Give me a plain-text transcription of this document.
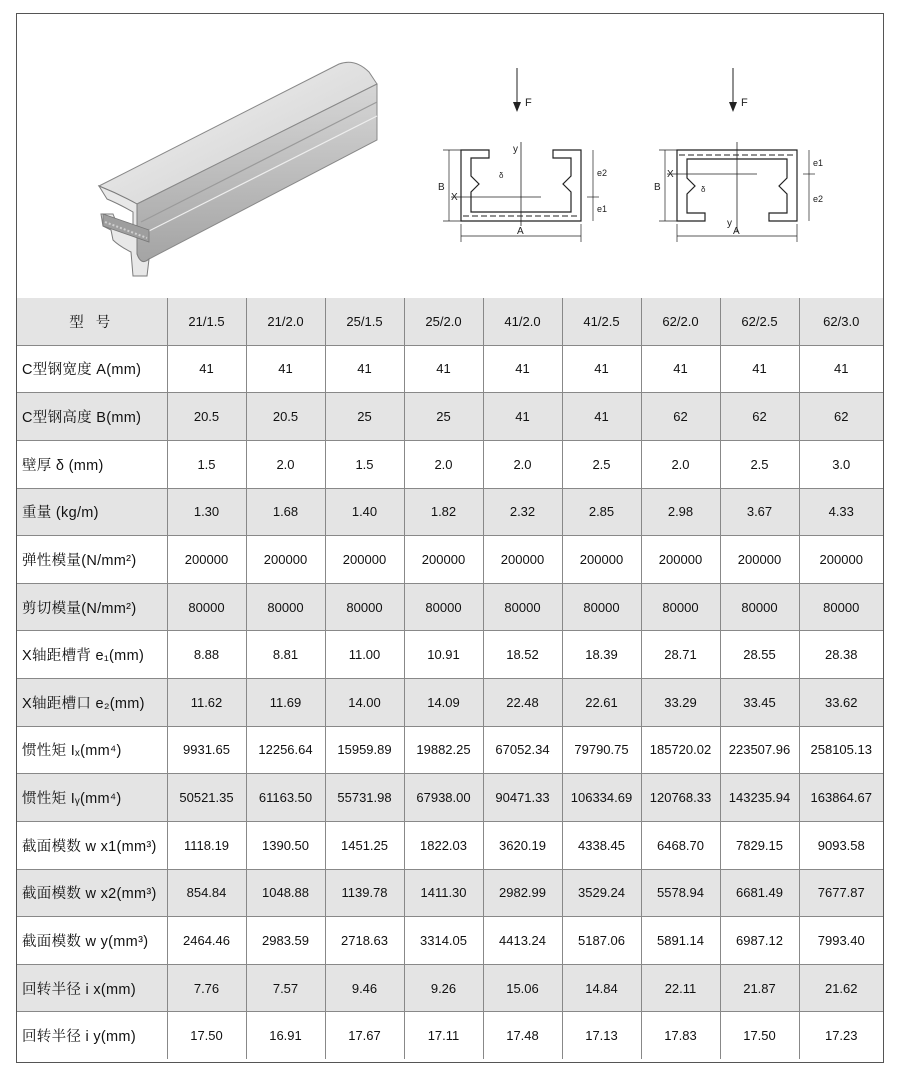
F
y
X
δ
B
e2
e1
A
F
y
X
δ
B
e1
e2
A
型 号	21/1.5	21/2.0	25/1.5	25/2.0	41/2.0	41/2.5	62/2.0	62/2.5	62/3.0
C型钢宽度 A(mm)	41	41	41	41	41	41	41	41	41
C型钢高度 B(mm)	20.5	20.5	25	25	41	41	62	62	62
壁厚 δ (mm)	1.5	2.0	1.5	2.0	2.0	2.5	2.0	2.5	3.0
重量 (kg/m)	1.30	1.68	1.40	1.82	2.32	2.85	2.98	3.67	4.33
弹性模量(N/mm²)	200000	200000	200000	200000	200000	200000	200000	200000	200000
剪切模量(N/mm²)	80000	80000	80000	80000	80000	80000	80000	80000	80000
X轴距槽背 e₁(mm)	8.88	8.81	11.00	10.91	18.52	18.39	28.71	28.55	28.38
X轴距槽口 e₂(mm)	11.62	11.69	14.00	14.09	22.48	22.61	33.29	33.45	33.62
惯性矩 Iₓ(mm⁴)	9931.65	12256.64	15959.89	19882.25	67052.34	79790.75	185720.02	223507.96	258105.13
惯性矩 Iᵧ(mm⁴)	50521.35	61163.50	55731.98	67938.00	90471.33	106334.69	120768.33	143235.94	163864.67
截面模数 w x1(mm³)	1118.19	1390.50	1451.25	1822.03	3620.19	4338.45	6468.70	7829.15	9093.58
截面模数 w x2(mm³)	854.84	1048.88	1139.78	1411.30	2982.99	3529.24	5578.94	6681.49	7677.87
截面模数 w y(mm³)	2464.46	2983.59	2718.63	3314.05	4413.24	5187.06	5891.14	6987.12	7993.40
回转半径 i x(mm)	7.76	7.57	9.46	9.26	15.06	14.84	22.11	21.87	21.62
回转半径 i y(mm)	17.50	16.91	17.67	17.11	17.48	17.13	17.83	17.50	17.23
